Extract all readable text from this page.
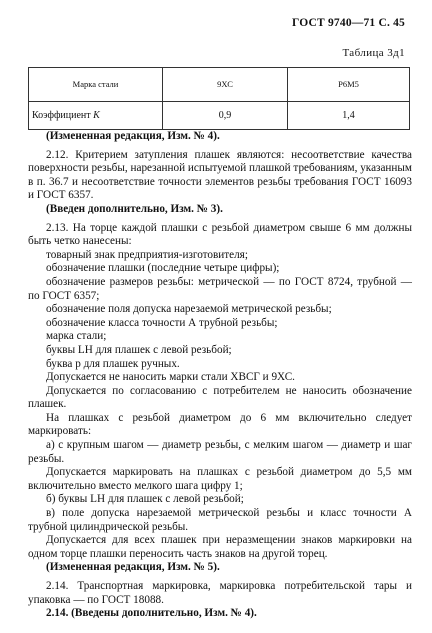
ГОСТ 9740—71 С. 45
Таблица 3д1
Марка стали	9ХС	Р6М5
Коэффициент K	0,9	1,4

(Измененная редакция, Изм. № 4).

2.12. Критерием затупления плашек являются: несоответствие качества поверхности резьбы, нарезанной испытуемой плашкой требованиям, указанным в п. 36.7 и несоответствие точности элементов резьбы требования ГОСТ 16093 и ГОСТ 6357.

(Введен дополнительно, Изм. № 3).

2.13. На торце каждой плашки с резьбой диаметром свыше 6 мм должны быть четко нанесены:

товарный знак предприятия-изготовителя;

обозначение плашки (последние четыре цифры);

обозначение размеров резьбы: метрической — по ГОСТ 8724, трубной — по ГОСТ 6357;

обозначение поля допуска нарезаемой метрической резьбы;

обозначение класса точности А трубной резьбы;

марка стали;

буквы LH для плашек с левой резьбой;

буква p для плашек ручных.

Допускается не наносить марки стали ХВСГ и 9ХС.

Допускается по согласованию с потребителем не наносить обозначение плашек.

На плашках с резьбой диаметром до 6 мм включительно следует маркировать:

а) с крупным шагом — диаметр резьбы, с мелким шагом — диаметр и шаг резьбы.

Допускается маркировать на плашках с резьбой диаметром до 5,5 мм включительно вместо мелкого шага цифру 1;

б) буквы LH для плашек с левой резьбой;

в) поле допуска нарезаемой метрической резьбы и класс точности А трубной цилиндрической резьбы.

Допускается для всех плашек при неразмещении знаков маркировки на одном торце плашки переносить часть знаков на другой торец.

(Измененная редакция, Изм. № 5).

2.14. Транспортная маркировка, маркировка потребительской тары и упаковка — по ГОСТ 18088.

2.14. (Введены дополнительно, Изм. № 4).
